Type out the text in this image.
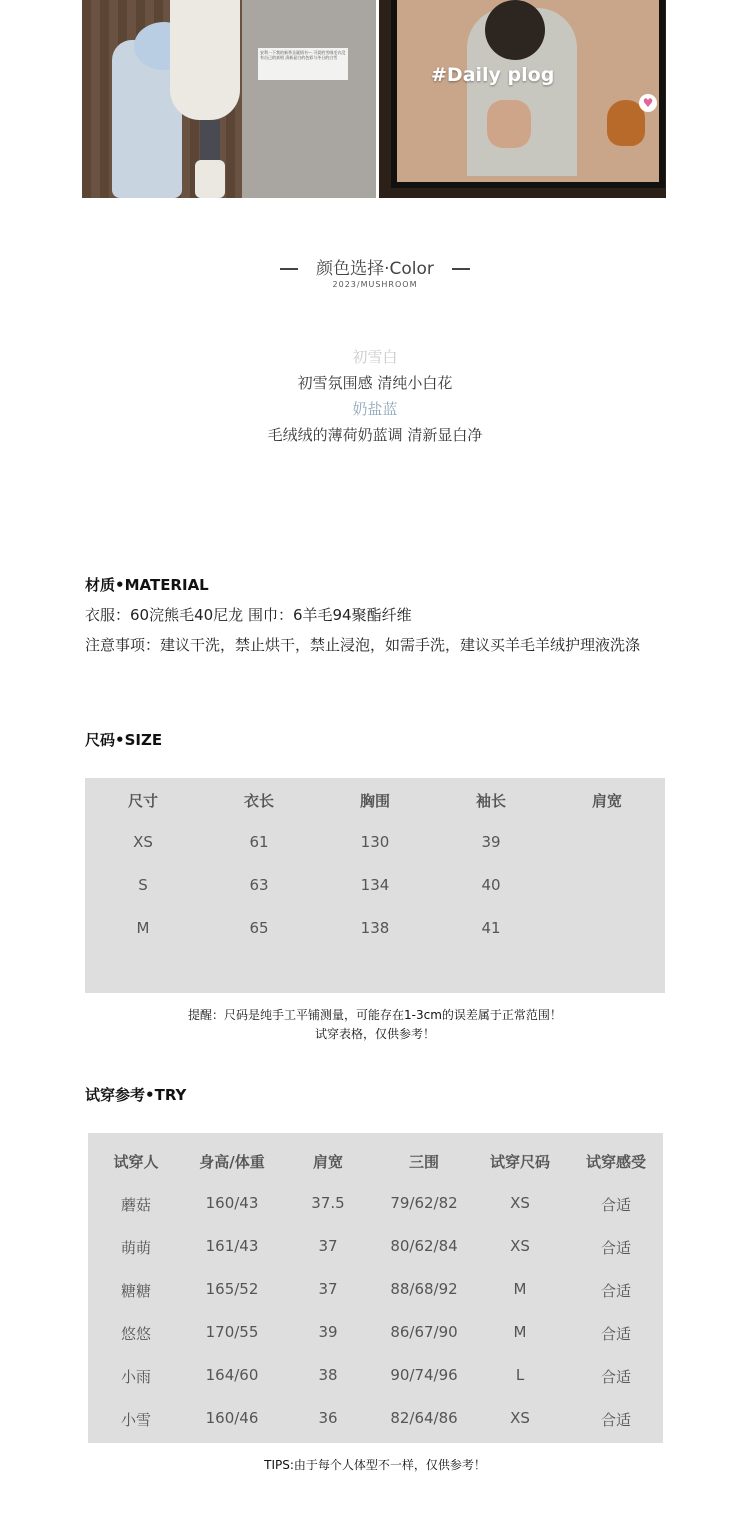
安利一下我的新季圣诞情书～ 可爱的雪绒毛衣没有自己的真相 清新显白的色彩与冬日的白雪
#Daily plog
♥
颜色选择·Color
2023/MUSHROOM
初雪白
初雪氛围感 清纯小白花
奶盐蓝
毛绒绒的薄荷奶蓝调 清新显白净
材质•MATERIAL
衣服：60浣熊毛40尼龙 围巾：6羊毛94聚酯纤维
注意事项：建议干洗，禁止烘干，禁止浸泡，如需手洗，建议买羊毛羊绒护理液洗涤
尺码•SIZE
尺寸	衣长	胸围	袖长	肩宽
XS	61	130	39
S	63	134	40
M	65	138	41
提醒：尺码是纯手工平铺测量，可能存在1-3cm的误差属于正常范围！
试穿表格，仅供参考！
试穿参考•TRY
试穿人	身高/体重	肩宽	三围	试穿尺码	试穿感受
蘑菇	160/43	37.5	79/62/82	XS	合适
萌萌	161/43	37	80/62/84	XS	合适
糖糖	165/52	37	88/68/92	M	合适
悠悠	170/55	39	86/67/90	M	合适
小雨	164/60	38	90/74/96	L	合适
小雪	160/46	36	82/64/86	XS	合适
TIPS:由于每个人体型不一样，仅供参考！
